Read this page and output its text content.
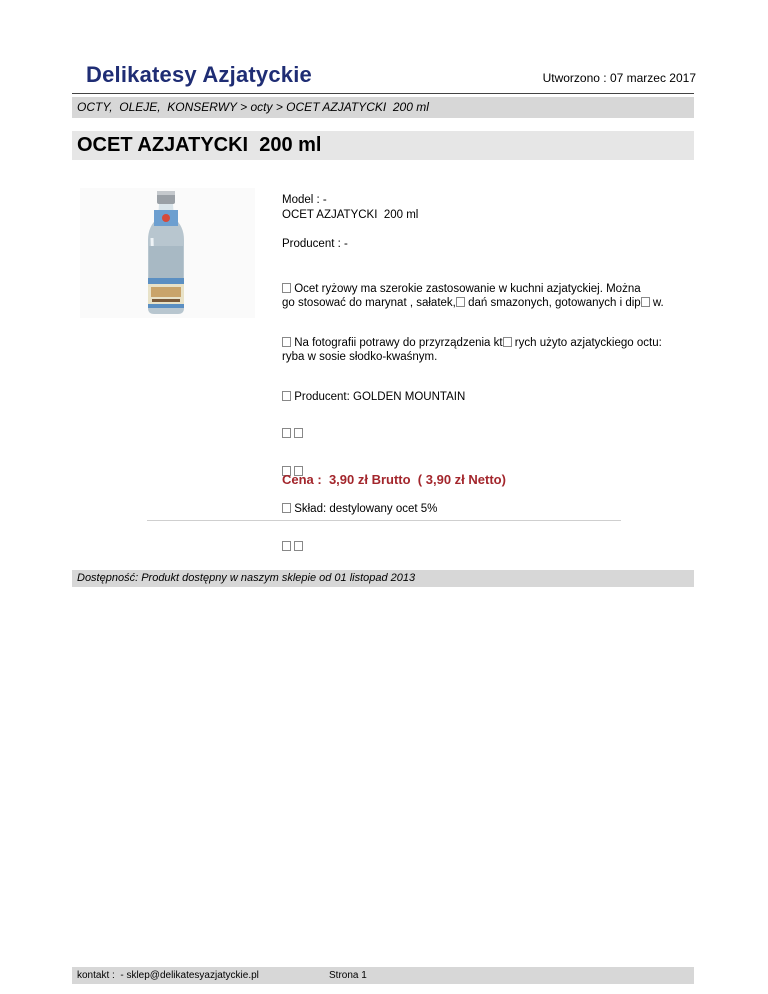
Delikatesy Azjatyckie	Utworzono : 07 marzec 2017
OCTY,  OLEJE,  KONSERWY > octy > OCET AZJATYCKI  200 ml
OCET AZJATYCKI  200 ml
Model : -
OCET AZJATYCKI  200 ml
Producent : -
Ocet ryżowy ma szerokie zastosowanie w kuchni azjatyckiej. Można
go stosować do marynat , sałatek, dań smazonych, gotowanych i dip w.
Na fotografii potrawy do przyrządzenia kt rych użyto azjatyckiego octu:
ryba w sosie słodko-kwaśnym.
Producent: GOLDEN MOUNTAIN
Skład: destylowany ocet 5%
Cena :  3,90 zł Brutto  ( 3,90 zł Netto)
Dostępność: Produkt dostępny w naszym sklepie od 01 listopad 2013
kontakt :  - sklep@delikatesyazjatyckie.pl	Strona 1
